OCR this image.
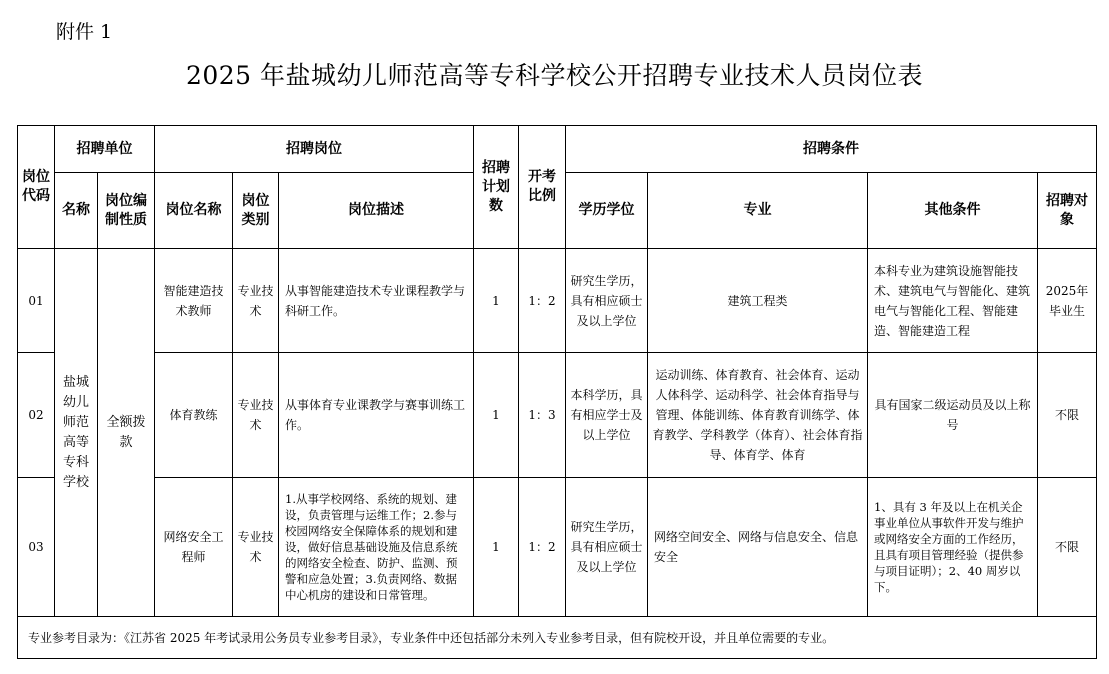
附件 1
2025 年盐城幼儿师范高等专科学校公开招聘专业技术人员岗位表
岗位代码	招聘单位		招聘岗位			招聘计划数	开考比例	招聘条件			
	名称	岗位编制性质	岗位名称	岗位类别	岗位描述			学历学位	专业	其他条件	招聘对象
01	盐城幼儿师范高等专科学校	全额拨款	智能建造技术教师	专业技术	从事智能建造技术专业课程教学与科研工作。	1	1：2	研究生学历，具有相应硕士及以上学位	建筑工程类	本科专业为建筑设施智能技术、建筑电气与智能化、建筑电气与智能化工程、智能建造、智能建造工程	2025年毕业生
02			体育教练	专业技术	从事体育专业课教学与赛事训练工作。	1	1：3	本科学历，具有相应学士及以上学位	运动训练、体育教育、社会体育、运动人体科学、运动科学、社会体育指导与管理、体能训练、体育教育训练学、体育教学、学科教学（体育）、社会体育指导、体育学、体育	具有国家二级运动员及以上称号	不限
03			网络安全工程师	专业技术	1.从事学校网络、系统的规划、建设，负责管理与运维工作；2.参与校园网络安全保障体系的规划和建设，做好信息基础设施及信息系统的网络安全检查、防护、监测、预警和应急处置；3.负责网络、数据中心机房的建设和日常管理。	1	1：2	研究生学历，具有相应硕士及以上学位	网络空间安全、网络与信息安全、信息安全	1、具有 3 年及以上在机关企事业单位从事软件开发与维护或网络安全方面的工作经历，且具有项目管理经验（提供参与项目证明）；2、40 周岁以下。	不限
专业参考目录为：《江苏省 2025 年考试录用公务员专业参考目录》，专业条件中还包括部分未列入专业参考目录，但有院校开设，并且单位需要的专业。											
